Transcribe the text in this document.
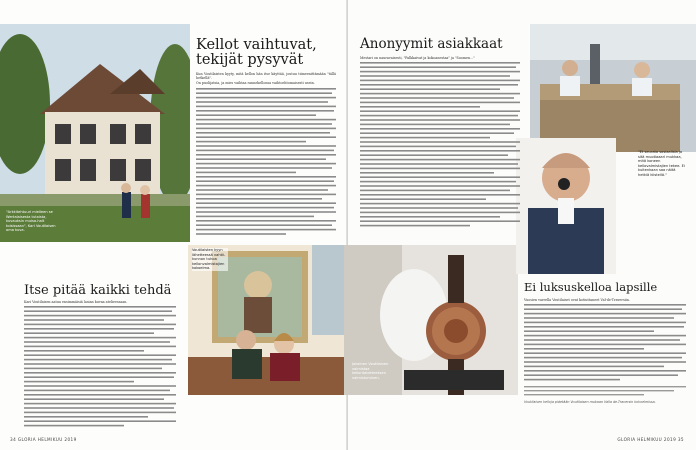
"Arkkitehtuuri mielleen se Wertalaisesta tutaista, kuvauksin muisa-halt toisissaan", Kari Voutilaisen oma kuva.
Kellot vaihtuvat, tekijät pysyvät

Kun Voutilaisten kyyty, mitä kellon hän itse käyttää, joutuu tiimeenittämään "tällä hetkellä".

On puolijatsia, ja mies vaihtaa rannekellonsa vaihtoehtomaisesti usein.

Itse pitää kaikki tehdä

Kari Voutilaisen aatua ensimmäisiä lasian kuvaa atelieessaan.

Voutilaisten kyyn lähetteessä vahtii-kunnon tuhoa kellonvalmistajien kokoelma.
34 GLORIA HELMIKUU 2019
Jokainen Voutilainen valmistaa kellontaideteeksen valmistuminen.
"Et seurata sosiaalisia ja sitä muotiaaari mukkaa, mitä koneen kellovalmistajien tekee. Ei kuitenkaan saa näitä hetkiä kiistellä."
Anonyymit asiakkaat

Mestari on nauravaisesti, "Palkkaivat ja kokoanestaa" ja "Suomen..."

Ei luksuskelloa lapsille

Vuosien varrella Voutilaiset ovat kotiuttaneet Val-de-Traversiin.

Voutilaisen kelloja pidetään Voutilaisen mukaan Valla de-Traversin kokoelmissa.
GLORIA HELMIKUU 2019 35
